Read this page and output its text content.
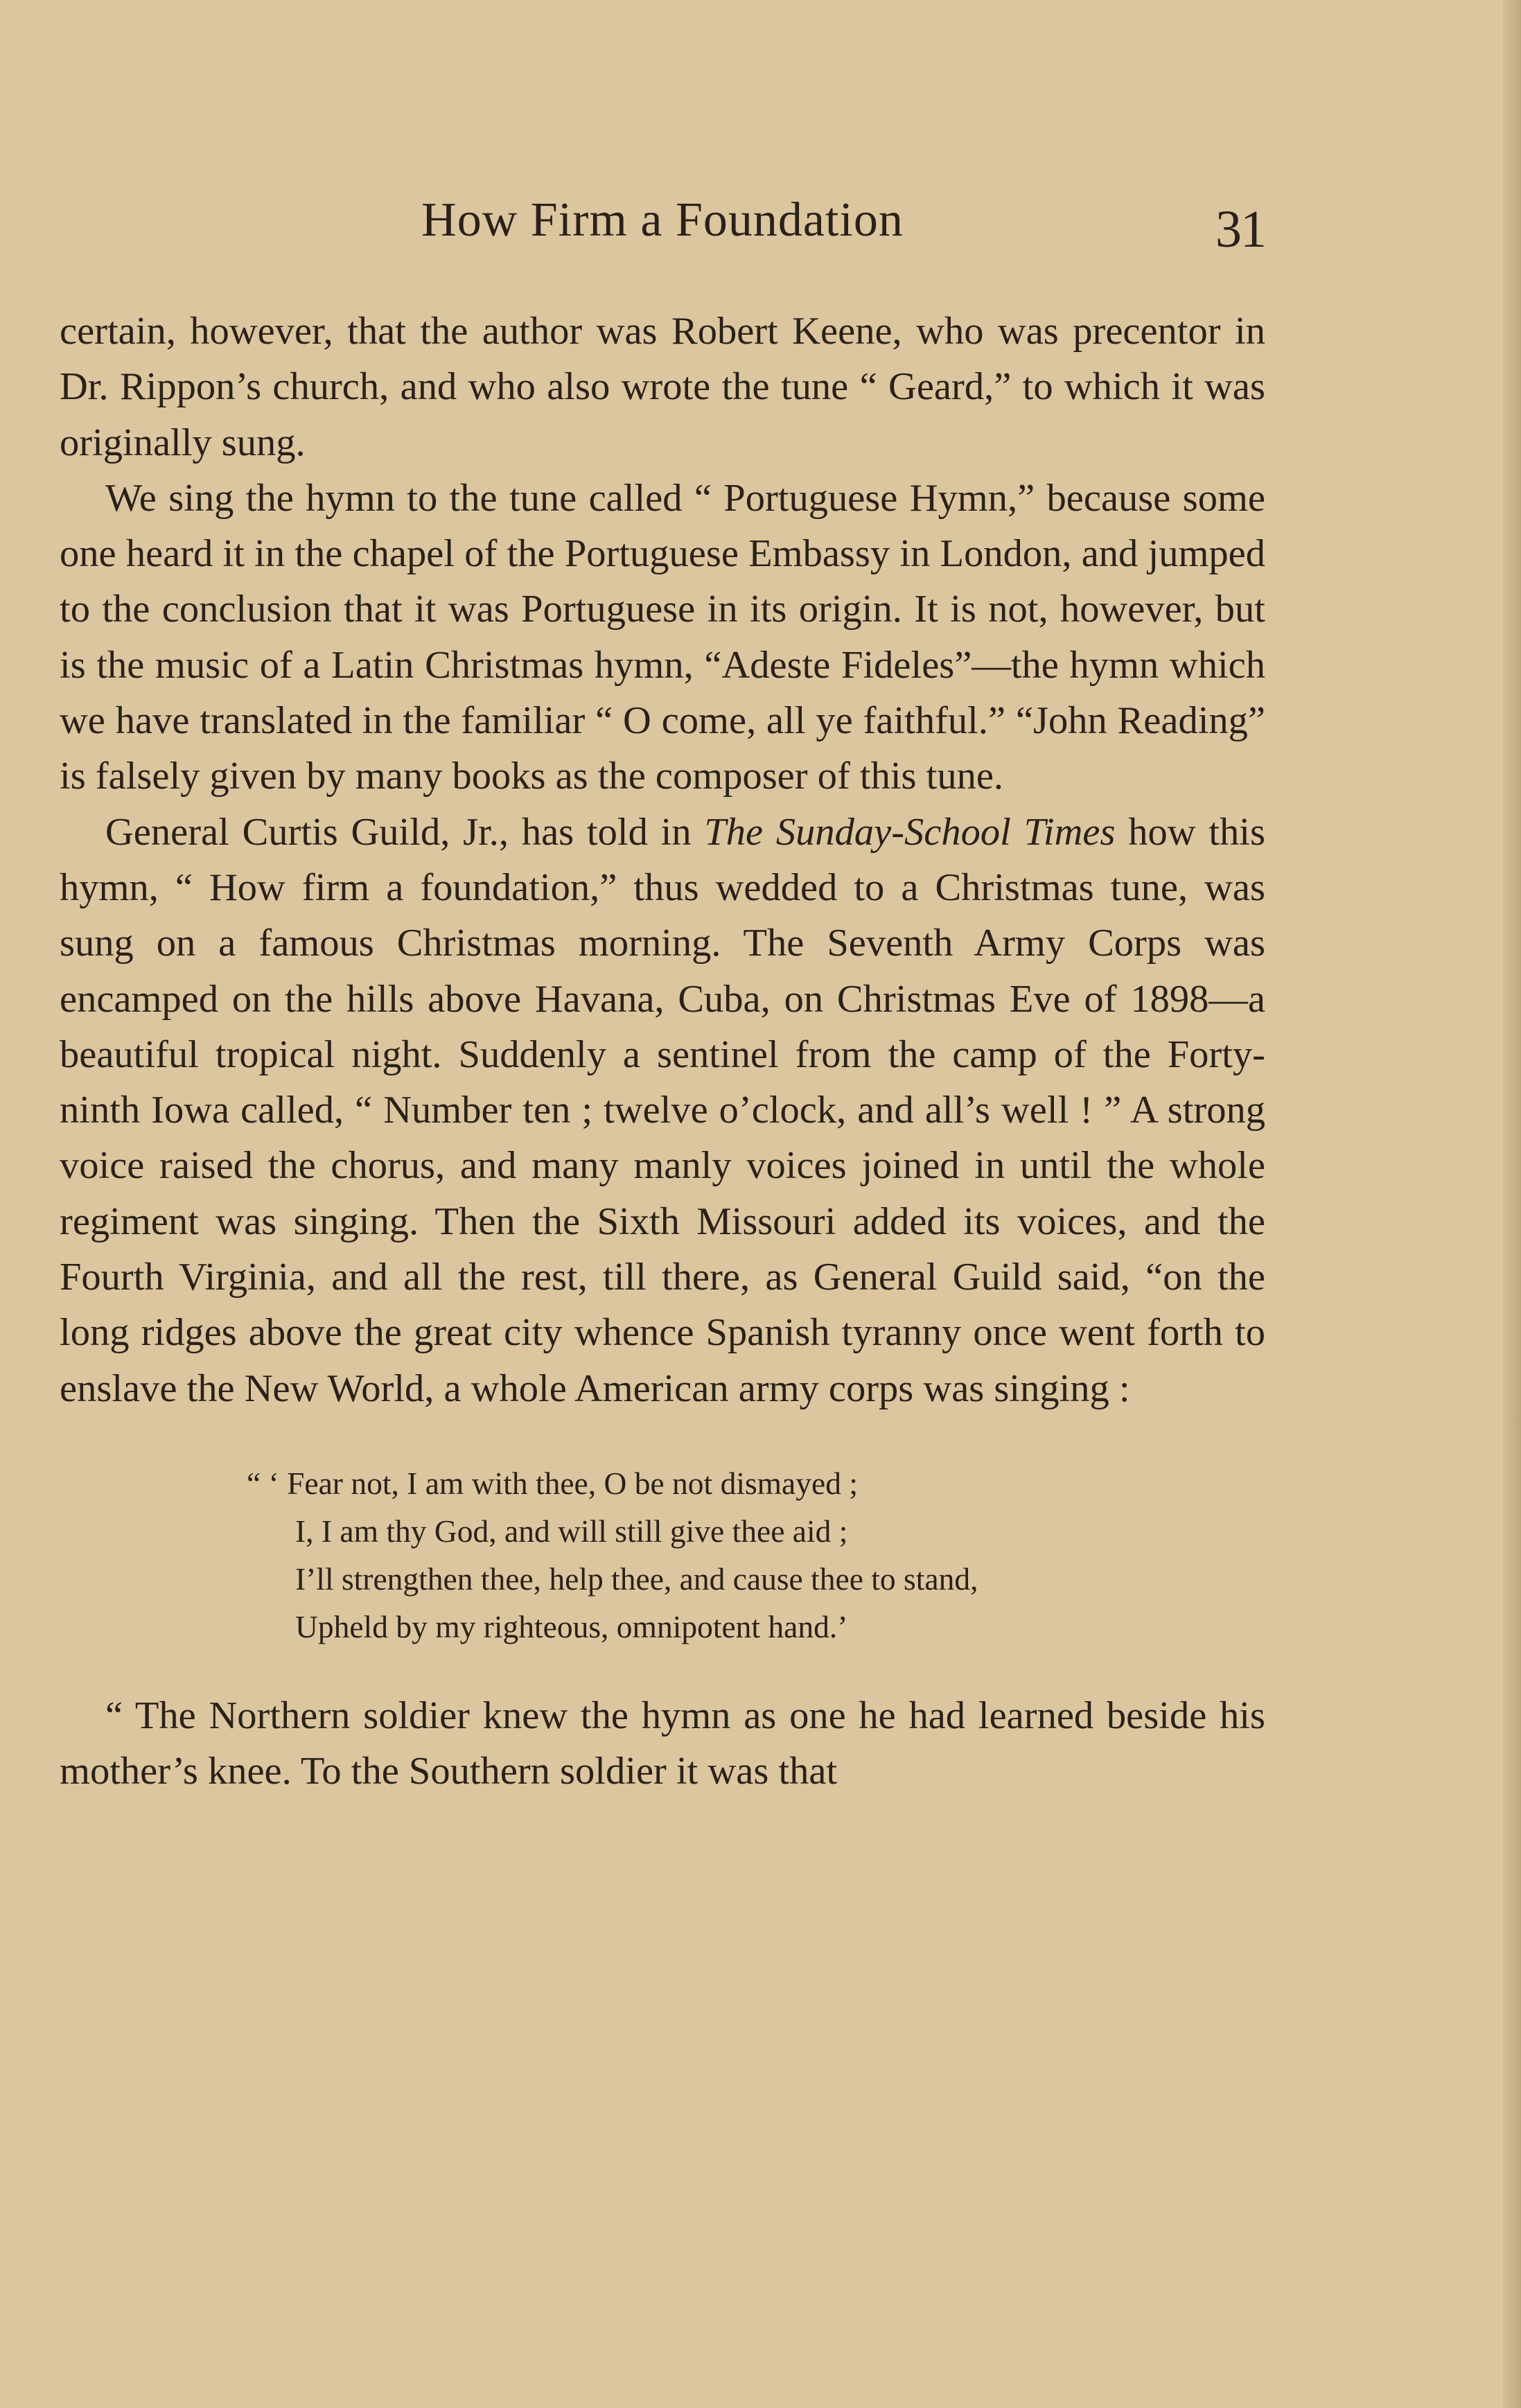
How Firm a Foundation	31

certain, however, that the author was Robert Keene, who was precentor in Dr. Rippon’s church, and who also wrote the tune “ Geard,” to which it was originally sung.

We sing the hymn to the tune called “ Portuguese Hymn,” because some one heard it in the chapel of the Portuguese Embassy in London, and jumped to the conclusion that it was Portuguese in its origin. It is not, however, but is the music of a Latin Christmas hymn, “Adeste Fideles”—the hymn which we have translated in the familiar “ O come, all ye faithful.” “John Reading” is falsely given by many books as the composer of this tune.

General Curtis Guild, Jr., has told in The Sunday-School Times how this hymn, “ How firm a foundation,” thus wedded to a Christmas tune, was sung on a famous Christmas morning. The Seventh Army Corps was encamped on the hills above Havana, Cuba, on Christmas Eve of 1898—a beautiful tropical night. Suddenly a sentinel from the camp of the Forty-ninth Iowa called, “ Number ten ; twelve o’clock, and all’s well ! ” A strong voice raised the chorus, and many manly voices joined in until the whole regiment was singing. Then the Sixth Missouri added its voices, and the Fourth Virginia, and all the rest, till there, as General Guild said, “on the long ridges above the great city whence Spanish tyranny once went forth to enslave the New World, a whole American army corps was singing :

“ ‘ Fear not, I am with thee, O be not dismayed ;
I, I am thy God, and will still give thee aid ;
I’ll strengthen thee, help thee, and cause thee to stand,
Upheld by my righteous, omnipotent hand.’

“ The Northern soldier knew the hymn as one he had learned beside his mother’s knee. To the Southern soldier it was that
